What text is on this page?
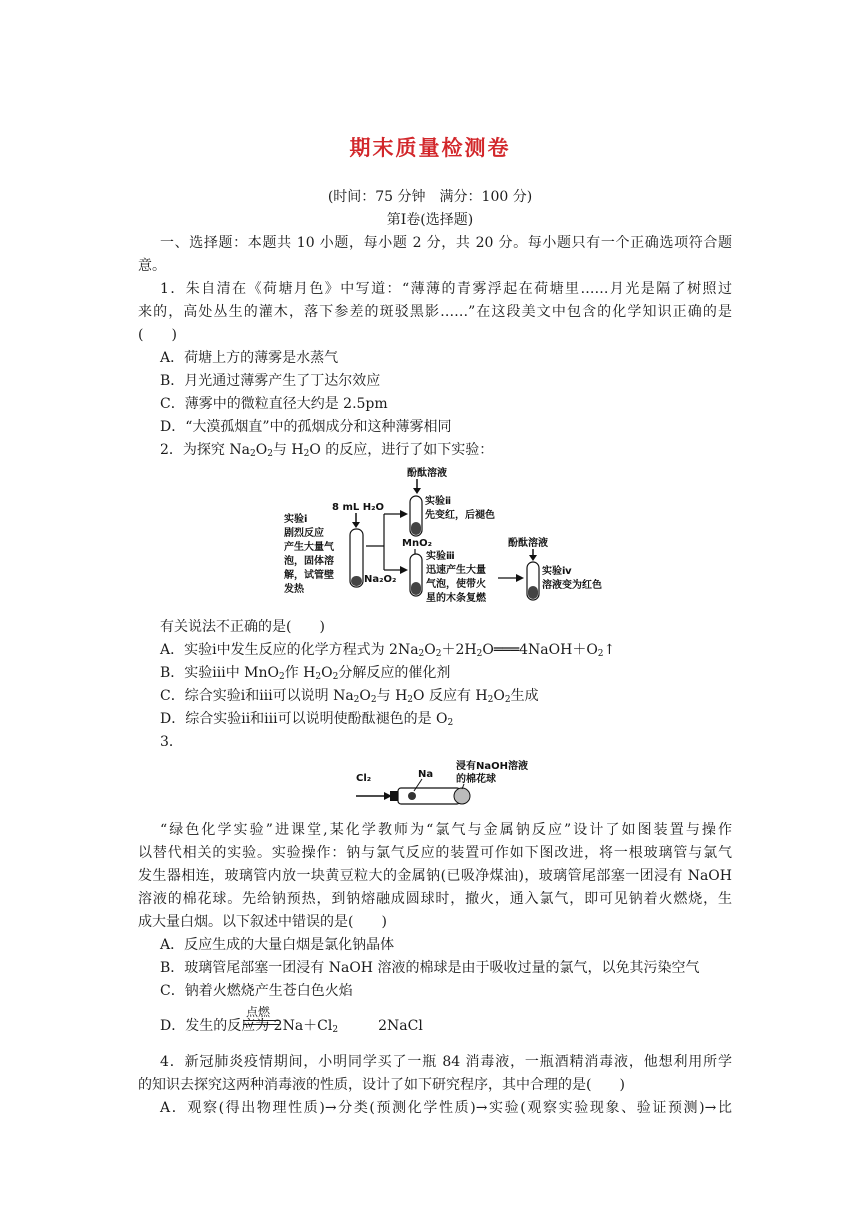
期末质量检测卷
(时间：75 分钟　满分：100 分)
第Ⅰ卷(选择题)
一、选择题：本题共 10 小题，每小题 2 分，共 20 分。每小题只有一个正确选项符合题
意。
1．朱自清在《荷塘月色》中写道：“薄薄的青雾浮起在荷塘里……月光是隔了树照过
来的，高处丛生的灌木，落下参差的斑驳黑影……”在这段美文中包含的化学知识正确的是
(　　)
A．荷塘上方的薄雾是水蒸气
B．月光通过薄雾产生了丁达尔效应
C．薄雾中的微粒直径大约是 2.5pm
D．“大漠孤烟直”中的孤烟成分和这种薄雾相同
2．为探究 $Na_2O_2$与 $H_2O$ 的反应，进行了如下实验：
酚酞溶液
8 mL H₂O
Na₂O₂
实验ⅰ
剧烈反应
产生大量气
泡，固体溶
解，试管壁
发热
实验ⅱ
先变红，后褪色
MnO₂
实验ⅲ
迅速产生大量
气泡，使带火
星的木条复燃
酚酞溶液
实验ⅳ
溶液变为红色
有关说法不正确的是(　　)
A．实验ⅰ中发生反应的化学方程式为 $2Na_2O_2+2H_2O═══4NaOH+O_2↑$
B．实验ⅲ中 MnO$_2$作 $H_2O_2$分解反应的催化剂
C．综合实验ⅰ和ⅲ可以说明 $Na_2O_2$与 $H_2O$ 反应有 $H_2O_2$生成
D．综合实验ⅱ和ⅲ可以说明使酚酞褪色的是 $O_2$
3．
Cl₂	Na
浸有NaOH溶液
的棉花球
“绿色化学实验”进课堂,某化学教师为“氯气与金属钠反应”设计了如图装置与操作
以替代相关的实验。实验操作：钠与氯气反应的装置可作如下图改进，将一根玻璃管与氯气
发生器相连，玻璃管内放一块黄豆粒大的金属钠(已吸净煤油)，玻璃管尾部塞一团浸有 NaOH
溶液的棉花球。先给钠预热，到钠熔融成圆球时，撤火，通入氯气，即可见钠着火燃烧，生
成大量白烟。以下叙述中错误的是(　　)
A．反应生成的大量白烟是氯化钠晶体
B．玻璃管尾部塞一团浸有 NaOH 溶液的棉球是由于吸收过量的氯气，以免其污染空气
C．钠着火燃烧产生苍白色火焰
D．发生的反应为 $2Na+Cl_2$	2NaCl
点燃
4．新冠肺炎疫情期间，小明同学买了一瓶 84 消毒液，一瓶酒精消毒液，他想利用所学
的知识去探究这两种消毒液的性质，设计了如下研究程序，其中合理的是(　　)
A．观察(得出物理性质)→分类(预测化学性质)→实验(观察实验现象、验证预测)→比
